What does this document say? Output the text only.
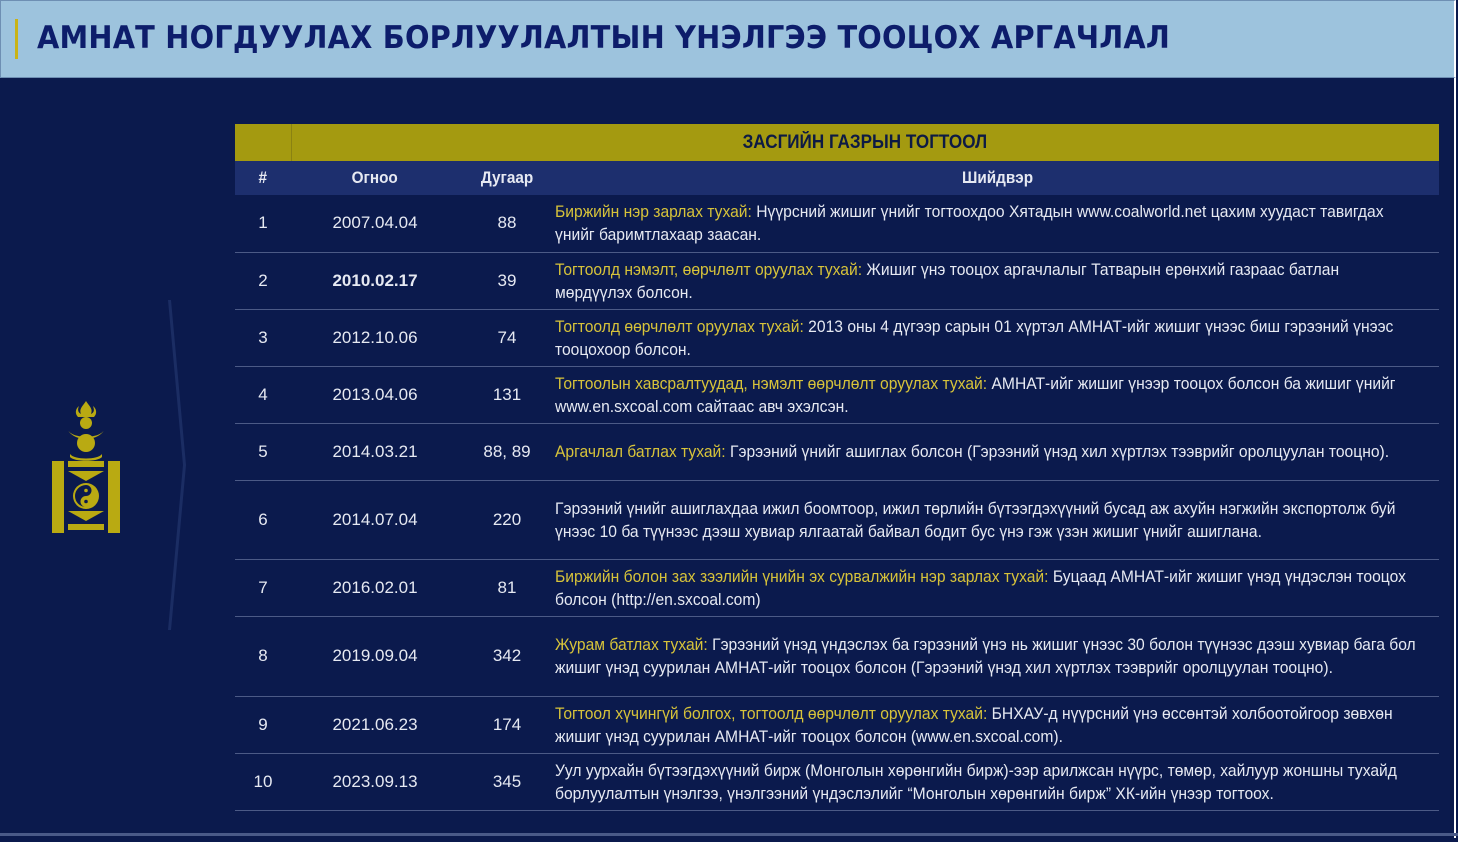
АМНАТ НОГДУУЛАХ БОРЛУУЛАЛТЫН ҮНЭЛГЭЭ ТООЦОХ АРГАЧЛАЛ
	ЗАСГИЙН ГАЗРЫН ТОГТООЛ		
#	Огноо	Дугаар	Шийдвэр
1	2007.04.04	88	Биржийн нэр зарлах тухай: Нүүрсний жишиг үнийг тогтоохдоо Хятадын www.coalworld.net цахим хуудаст тавигдах үнийг баримтлахаар заасан.

2	2010.02.17	39	Тогтоолд нэмэлт, өөрчлөлт оруулах тухай: Жишиг үнэ тооцох аргачлалыг Татварын ерөнхий газраас батлан мөрдүүлэх болсон.

3	2012.10.06	74	Тогтоолд өөрчлөлт оруулах тухай: 2013 оны 4 дүгээр сарын 01 хүртэл АМНАТ-ийг жишиг үнээс биш гэрээний үнээс тооцохоор болсон.

4	2013.04.06	131	Тогтоолын хавсралтуудад, нэмэлт өөрчлөлт оруулах тухай: АМНАТ-ийг жишиг үнээр тооцох болсон ба жишиг үнийг www.en.sxcoal.com сайтаас авч эхэлсэн.

5	2014.03.21	88, 89	Аргачлал батлах тухай: Гэрээний үнийг ашиглах болсон (Гэрээний үнэд хил хүртлэх тээврийг оролцуулан тооцно).

6	2014.07.04	220	Гэрээний үнийг ашиглахдаа ижил боомтоор, ижил төрлийн бүтээгдэхүүний бусад аж ахуйн нэгжийн экспортолж буй үнээс 10 ба түүнээс дээш хувиар ялгаатай байвал бодит бус үнэ гэж үзэн жишиг үнийг ашиглана.

7	2016.02.01	81	Биржийн болон зах зээлийн үнийн эх сурвалжийн нэр зарлах тухай: Буцаад АМНАТ-ийг жишиг үнэд үндэслэн тооцох болсон (http://en.sxcoal.com)

8	2019.09.04	342	Журам батлах тухай: Гэрээний үнэд үндэслэх ба гэрээний үнэ нь жишиг үнээс 30 болон түүнээс дээш хувиар бага бол жишиг үнэд суурилан АМНАТ-ийг тооцох болсон (Гэрээний үнэд хил хүртлэх тээврийг оролцуулан тооцно).

9	2021.06.23	174	Тогтоол хүчингүй болгох, тогтоолд өөрчлөлт оруулах тухай: БНХАУ-д нүүрсний үнэ өссөнтэй холбоотойгоор зөвхөн жишиг үнэд суурилан АМНАТ-ийг тооцох болсон (www.en.sxcoal.com).

10	2023.09.13	345	Уул уурхайн бүтээгдэхүүний бирж (Монголын хөрөнгийн бирж)-ээр арилжсан нүүрс, төмөр, хайлуур жоншны тухайд борлуулалтын үнэлгээ, үнэлгээний үндэслэлийг “Монголын хөрөнгийн бирж” ХК-ийн үнээр тогтоох.
